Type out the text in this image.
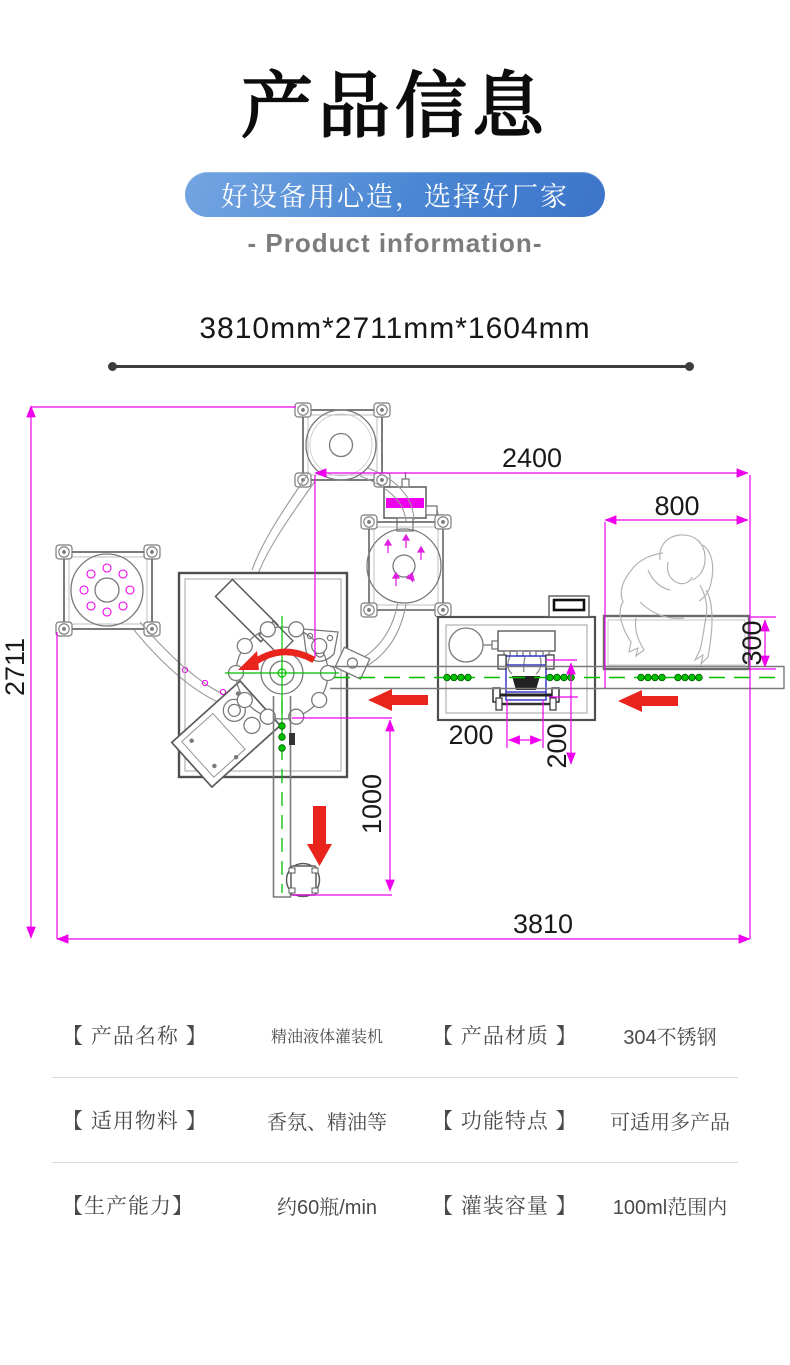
产品信息
好设备用心造，选择好厂家
- Product information-
3810mm*2711mm*1604mm
2400
800
3810
200
2711
1000
200
300
【 产品名称 】	精油液体灌装机	【 产品材质 】	304不锈钢
【 适用物料 】	香氛、精油等	【 功能特点 】	可适用多产品
【生产能力】	约60瓶/min	【 灌装容量 】	100ml范围内
